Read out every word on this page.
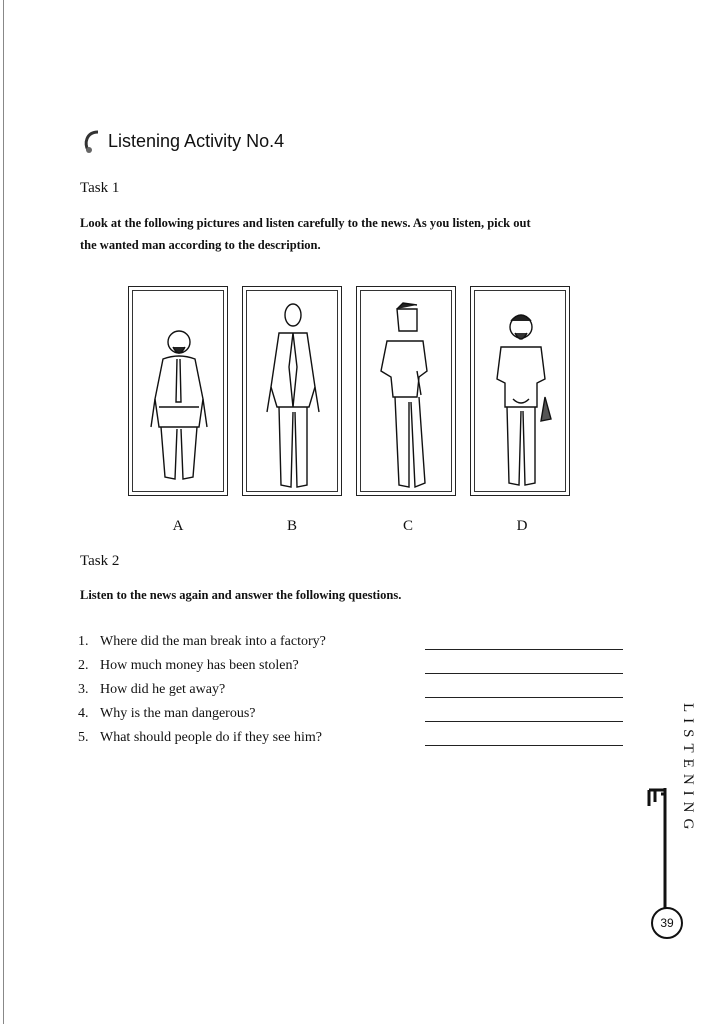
Listening Activity No.4
Task 1
Look at the following pictures and listen carefully to the news. As you listen, pick out
the wanted man according to the description.
A	B	C	D
Task 2
Listen to the news again and answer the following questions.
1. Where did the man break into a factory?
2. How much money has been stolen?
3. How did he get away?
4. Why is the man dangerous?
5. What should people do if they see him?	LISTENING
39
